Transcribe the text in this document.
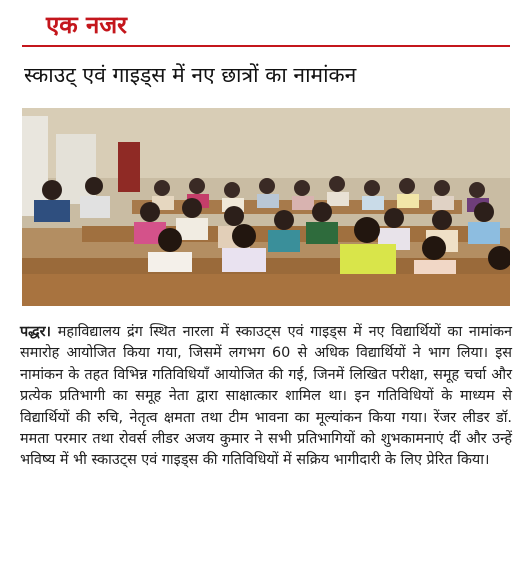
एक नजर
स्काउट् एवं गाइड्स में नए छात्रों का नामांकन

पद्धर। महाविद्यालय द्रंग स्थित नारला में स्काउट्स एवं गाइड्स में नए विद्यार्थियों का नामांकन समारोह आयोजित किया गया, जिसमें लगभग 60 से अधिक विद्यार्थियों ने भाग लिया। इस नामांकन के तहत विभिन्न गतिविधियाँ आयोजित की गई, जिनमें लिखित परीक्षा, समूह चर्चा और प्रत्येक प्रतिभागी का समूह नेता द्वारा साक्षात्कार शामिल था। इन गतिविधियों के माध्यम से विद्यार्थियों की रुचि, नेतृत्व क्षमता तथा टीम भावना का मूल्यांकन किया गया। रेंजर लीडर डॉ. ममता परमार तथा रोवर्स लीडर अजय कुमार ने सभी प्रतिभागियों को शुभकामनाएं दीं और उन्हें भविष्य में भी स्काउट्स एवं गाइड्स की गतिविधियों में सक्रिय भागीदारी के लिए प्रेरित किया।
